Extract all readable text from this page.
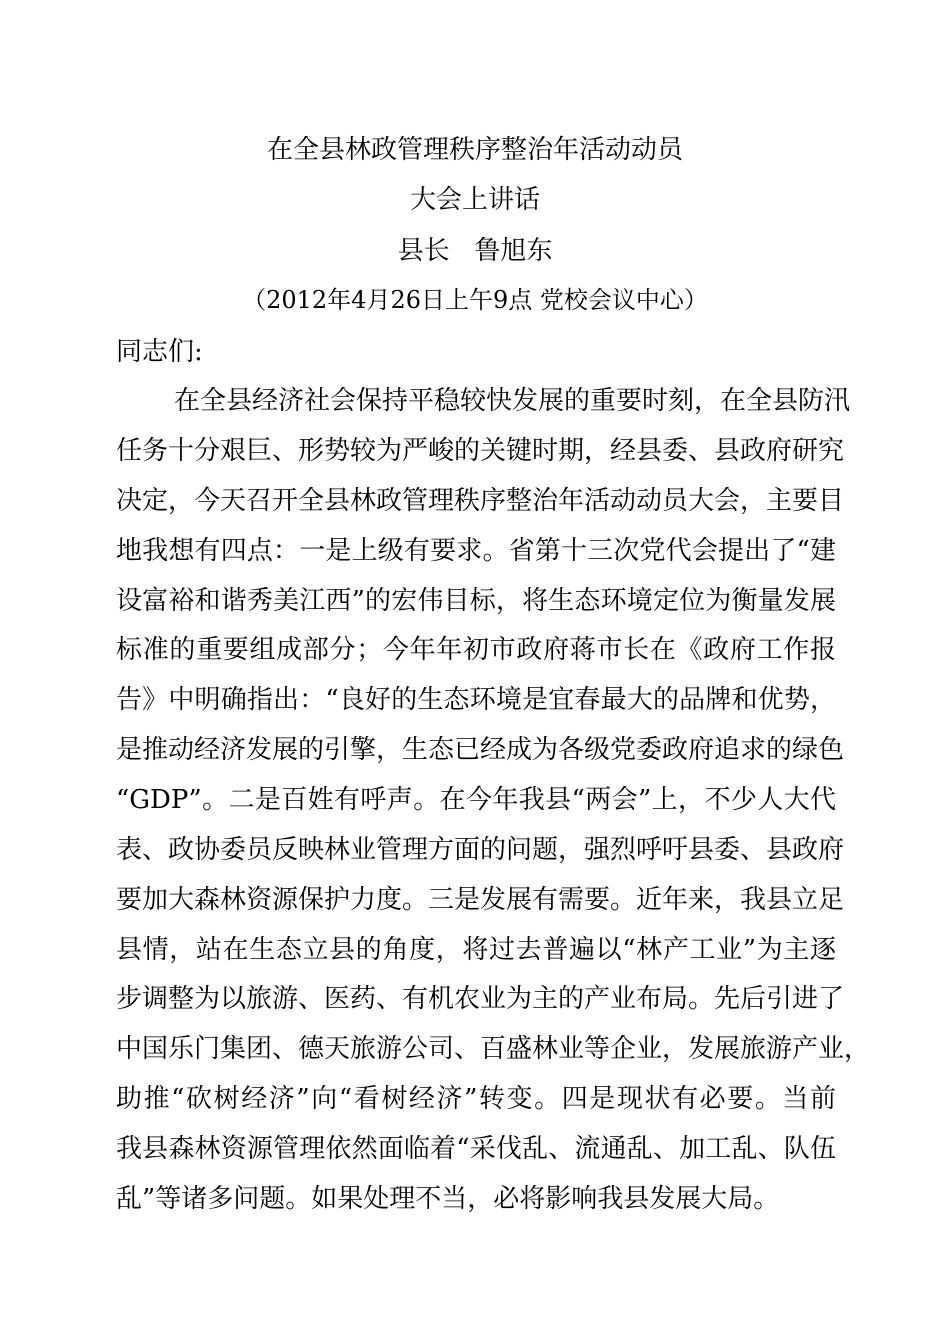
在全县林政管理秩序整治年活动动员
大会上讲话
县长   鲁旭东
（2012年4月26日上午9点 党校会议中心）
同志们:
在全县经济社会保持平稳较快发展的重要时刻，在全县防汛
任务十分艰巨、形势较为严峻的关键时期，经县委、县政府研究
决定，今天召开全县林政管理秩序整治年活动动员大会，主要目
地我想有四点：一是上级有要求。省第十三次党代会提出了“建
设富裕和谐秀美江西”的宏伟目标，将生态环境定位为衡量发展
标准的重要组成部分；今年年初市政府蒋市长在《政府工作报
告》中明确指出：“良好的生态环境是宜春最大的品牌和优势，
是推动经济发展的引擎，生态已经成为各级党委政府追求的绿色
“GDP”。二是百姓有呼声。在今年我县“两会”上，不少人大代
表、政协委员反映林业管理方面的问题，强烈呼吁县委、县政府
要加大森林资源保护力度。三是发展有需要。近年来，我县立足
县情，站在生态立县的角度，将过去普遍以“林产工业”为主逐
步调整为以旅游、医药、有机农业为主的产业布局。先后引进了
中国乐门集团、德天旅游公司、百盛林业等企业，发展旅游产业，
助推“砍树经济”向“看树经济”转变。四是现状有必要。当前
我县森林资源管理依然面临着“采伐乱、流通乱、加工乱、队伍
乱”等诸多问题。如果处理不当，必将影响我县发展大局。
